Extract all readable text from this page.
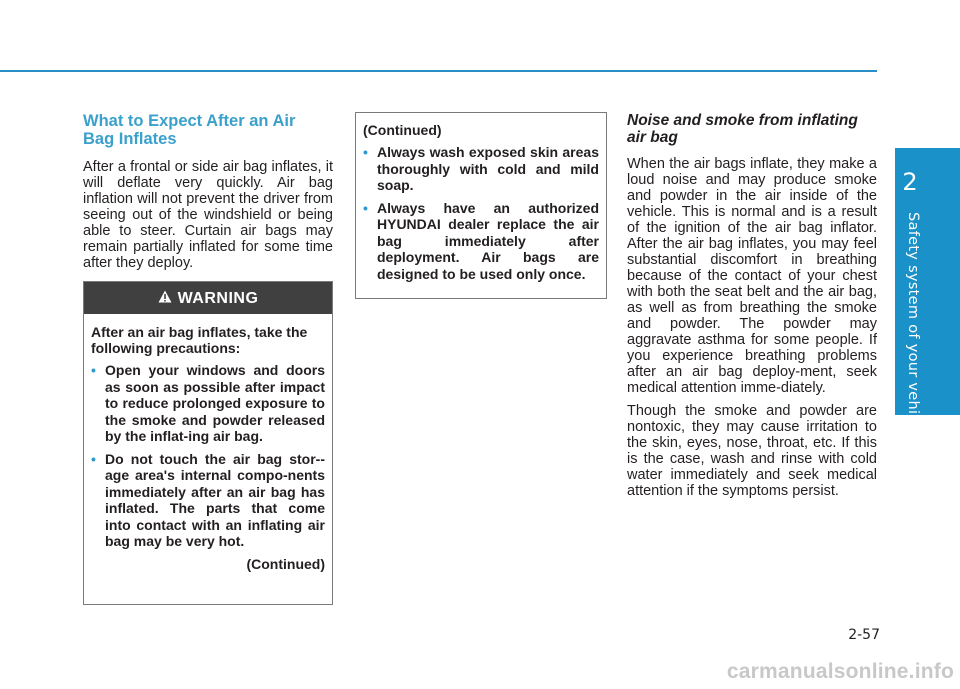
2
Safety system of your vehicle
What to Expect After an Air
Bag Inflates

After a frontal or side air bag inflates, it will deflate very quickly. Air bag inflation will not prevent the driver from seeing out of the windshield or being able to steer. Curtain air bags may remain partially inflated for some time after they deploy.

WARNING

After an air bag inflates, take the following precautions:

• Open your windows and doors as soon as possible after impact to reduce prolonged exposure to the smoke and powder released by the inflat-ing air bag.
• Do not touch the air bag stor-age area's internal compo-nents immediately after an air bag has inflated. The parts that come into contact with an inflating air bag may be very hot.
(Continued)

(Continued)

• Always wash exposed skin areas thoroughly with cold and mild soap.
• Always have an authorized HYUNDAI dealer replace the air bag immediately after deployment. Air bags are designed to be used only once.
Noise and smoke from inflating
air bag

When the air bags inflate, they make a loud noise and may produce smoke and powder in the air inside of the vehicle. This is normal and is a result of the ignition of the air bag inflator. After the air bag inflates, you may feel substantial discomfort in breathing because of the contact of your chest with both the seat belt and the air bag, as well as from breathing the smoke and powder. The powder may aggravate asthma for some people. If you experience breathing problems after an air bag deploy-ment, seek medical attention imme-diately.

Though the smoke and powder are nontoxic, they may cause irritation to the skin, eyes, nose, throat, etc. If this is the case, wash and rinse with cold water immediately and seek medical attention if the symptoms persist.

2-57
carmanualsonline.info
